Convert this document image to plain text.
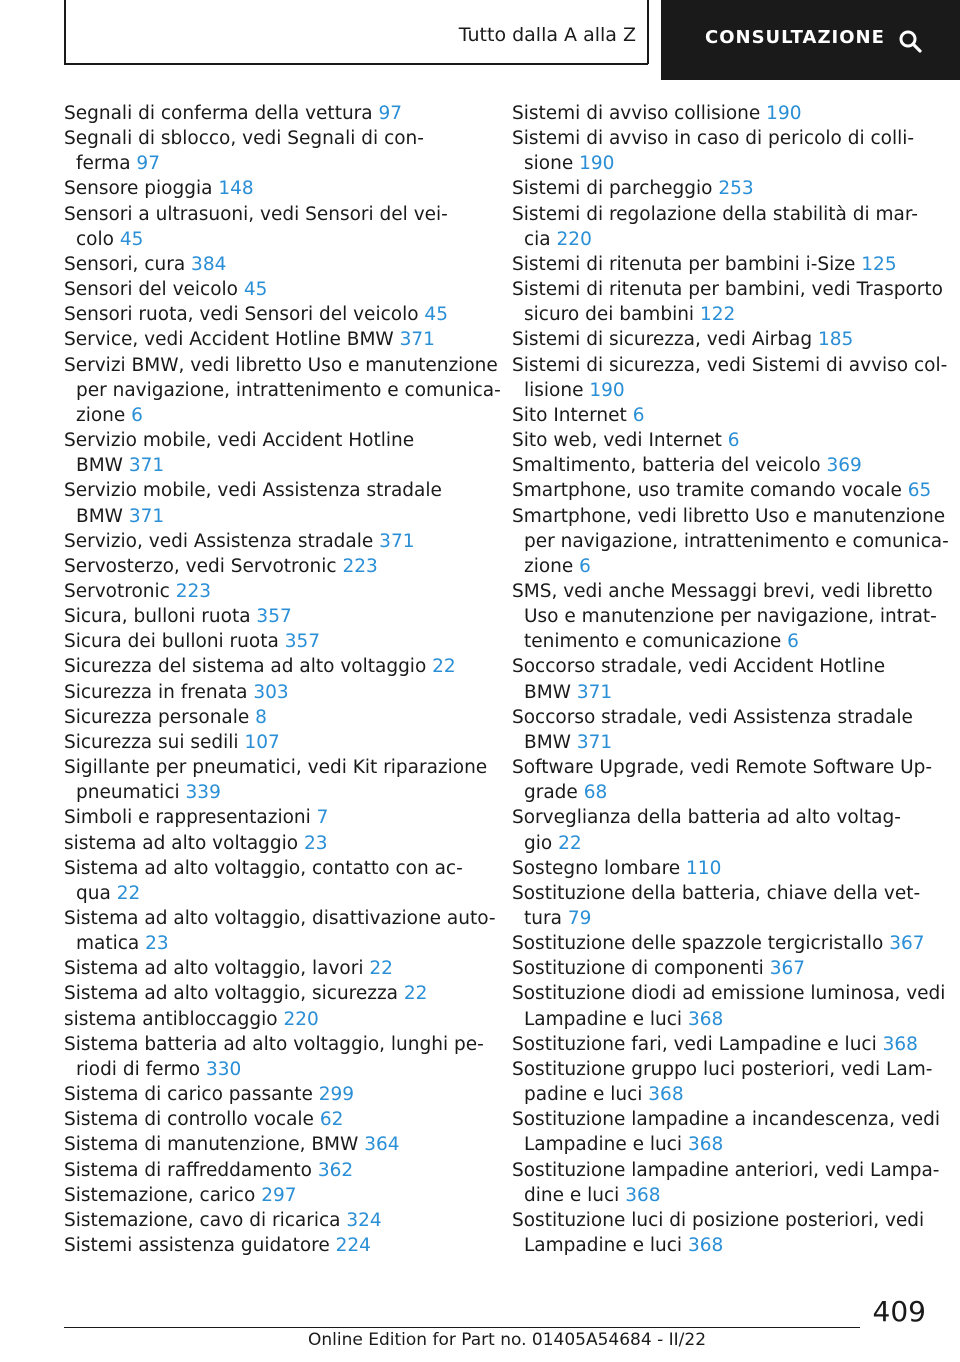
Tutto dalla A alla Z	CONSULTAZIONE
Segnali di conferma della vettura 97
Segnali di sblocco, vedi Segnali di con-
ferma 97
Sensore pioggia 148
Sensori a ultrasuoni, vedi Sensori del vei-
colo 45
Sensori, cura 384
Sensori del veicolo 45
Sensori ruota, vedi Sensori del veicolo 45
Service, vedi Accident Hotline BMW 371
Servizi BMW, vedi libretto Uso e manutenzione
per navigazione, intrattenimento e comunica-
zione 6
Servizio mobile, vedi Accident Hotline
BMW 371
Servizio mobile, vedi Assistenza stradale
BMW 371
Servizio, vedi Assistenza stradale 371
Servosterzo, vedi Servotronic 223
Servotronic 223
Sicura, bulloni ruota 357
Sicura dei bulloni ruota 357
Sicurezza del sistema ad alto voltaggio 22
Sicurezza in frenata 303
Sicurezza personale 8
Sicurezza sui sedili 107
Sigillante per pneumatici, vedi Kit riparazione
pneumatici 339
Simboli e rappresentazioni 7
sistema ad alto voltaggio 23
Sistema ad alto voltaggio, contatto con ac-
qua 22
Sistema ad alto voltaggio, disattivazione auto-
matica 23
Sistema ad alto voltaggio, lavori 22
Sistema ad alto voltaggio, sicurezza 22
sistema antibloccaggio 220
Sistema batteria ad alto voltaggio, lunghi pe-
riodi di fermo 330
Sistema di carico passante 299
Sistema di controllo vocale 62
Sistema di manutenzione, BMW 364
Sistema di raffreddamento 362
Sistemazione, carico 297
Sistemazione, cavo di ricarica 324
Sistemi assistenza guidatore 224
Sistemi di avviso collisione 190
Sistemi di avviso in caso di pericolo di colli-
sione 190
Sistemi di parcheggio 253
Sistemi di regolazione della stabilità di mar-
cia 220
Sistemi di ritenuta per bambini i-Size 125
Sistemi di ritenuta per bambini, vedi Trasporto
sicuro dei bambini 122
Sistemi di sicurezza, vedi Airbag 185
Sistemi di sicurezza, vedi Sistemi di avviso col-
lisione 190
Sito Internet 6
Sito web, vedi Internet 6
Smaltimento, batteria del veicolo 369
Smartphone, uso tramite comando vocale 65
Smartphone, vedi libretto Uso e manutenzione
per navigazione, intrattenimento e comunica-
zione 6
SMS, vedi anche Messaggi brevi, vedi libretto
Uso e manutenzione per navigazione, intrat-
tenimento e comunicazione 6
Soccorso stradale, vedi Accident Hotline
BMW 371
Soccorso stradale, vedi Assistenza stradale
BMW 371
Software Upgrade, vedi Remote Software Up-
grade 68
Sorveglianza della batteria ad alto voltag-
gio 22
Sostegno lombare 110
Sostituzione della batteria, chiave della vet-
tura 79
Sostituzione delle spazzole tergicristallo 367
Sostituzione di componenti 367
Sostituzione diodi ad emissione luminosa, vedi
Lampadine e luci 368
Sostituzione fari, vedi Lampadine e luci 368
Sostituzione gruppo luci posteriori, vedi Lam-
padine e luci 368
Sostituzione lampadine a incandescenza, vedi
Lampadine e luci 368
Sostituzione lampadine anteriori, vedi Lampa-
dine e luci 368
Sostituzione luci di posizione posteriori, vedi
Lampadine e luci 368
409
Online Edition for Part no. 01405A54684 - II/22
